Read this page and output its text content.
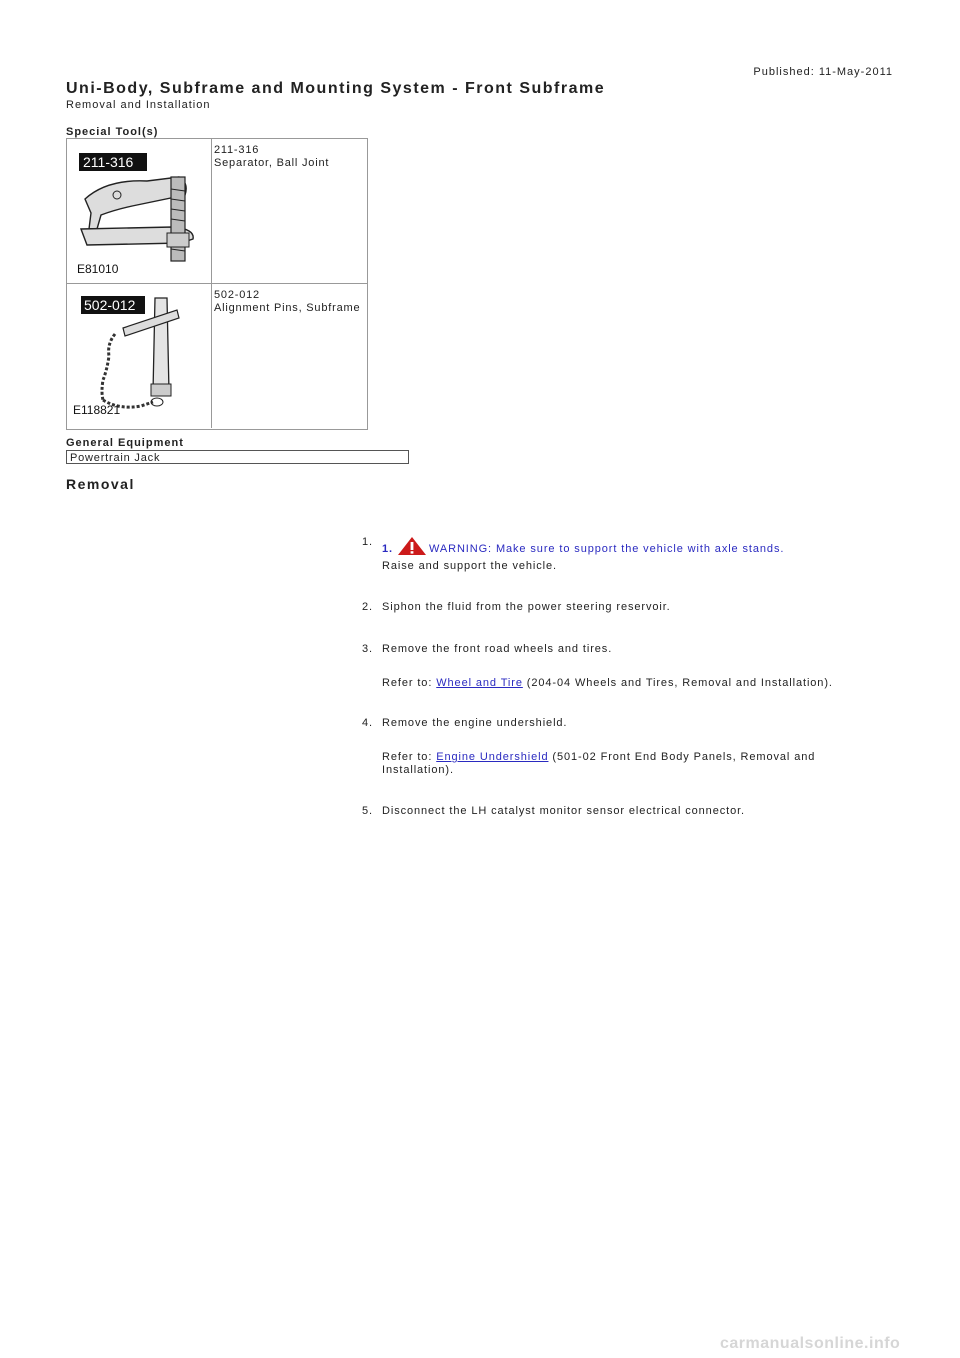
Published: 11-May-2011
Uni-Body, Subframe and Mounting System - Front Subframe
Removal and Installation
Special Tool(s)
211-316
E81010
211-316
Separator, Ball Joint
502-012
E118821
502-012
Alignment Pins, Subframe
General Equipment
Powertrain Jack
Removal
1.
1.	WARNING: Make sure to support the vehicle with axle stands.
Raise and support the vehicle.
2. Siphon the fluid from the power steering reservoir.
3. Remove the front road wheels and tires.
Refer to: Wheel and Tire (204-04 Wheels and Tires, Removal and Installation).
4. Remove the engine undershield.
Refer to: Engine Undershield (501-02 Front End Body Panels, Removal and Installation).
5. Disconnect the LH catalyst monitor sensor electrical connector.
carmanualsonline.info
